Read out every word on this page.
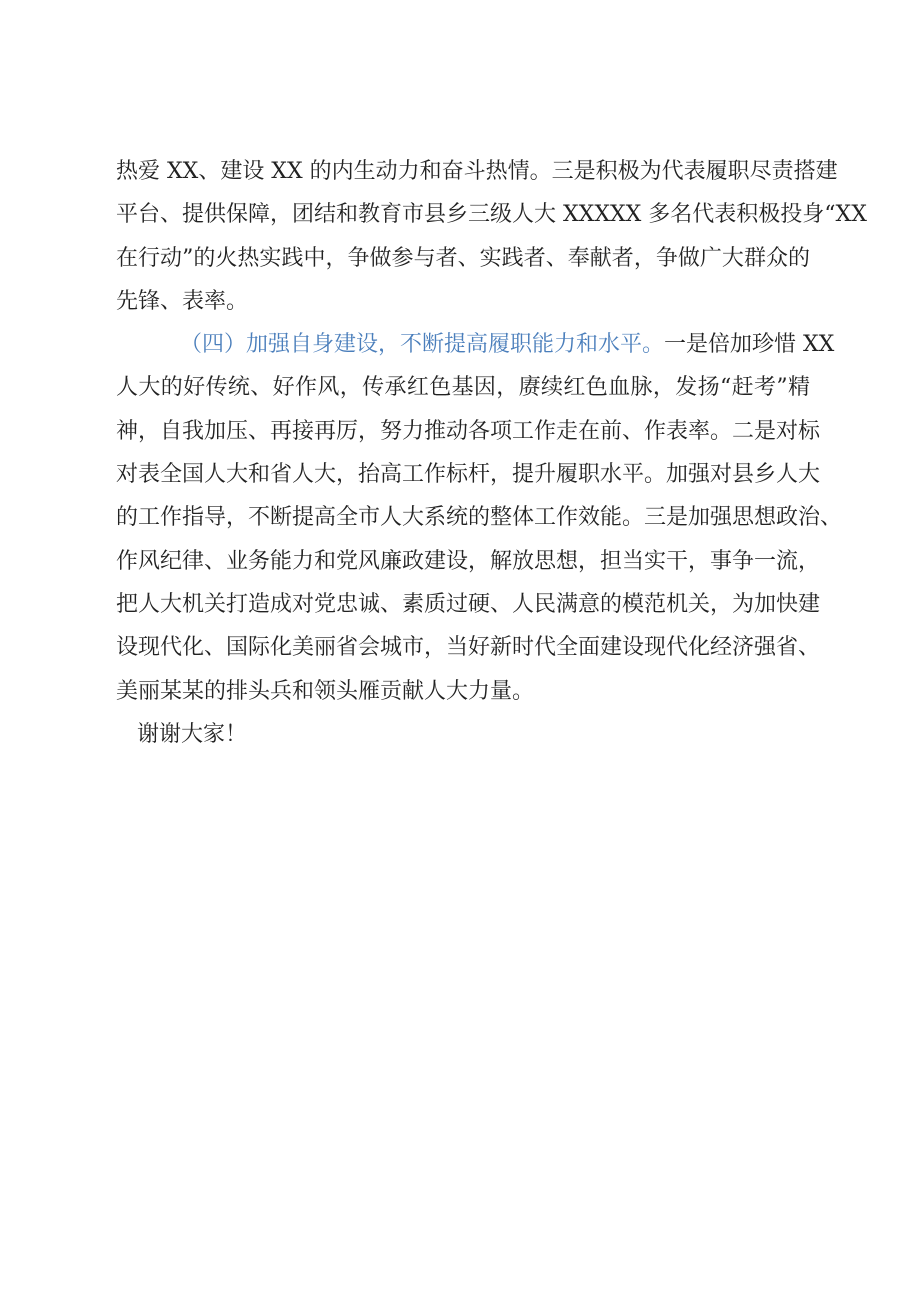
热爱 XX、建设 XX 的内生动力和奋斗热情。三是积极为代表履职尽责搭建
平台、提供保障，团结和教育市县乡三级人大 XXXXX 多名代表积极投身“XX
在行动”的火热实践中，争做参与者、实践者、奉献者，争做广大群众的
先锋、表率。
（四）加强自身建设，不断提高履职能力和水平。一是倍加珍惜 XX
人大的好传统、好作风，传承红色基因，赓续红色血脉，发扬“赶考”精
神，自我加压、再接再厉，努力推动各项工作走在前、作表率。二是对标
对表全国人大和省人大，抬高工作标杆，提升履职水平。加强对县乡人大
的工作指导，不断提高全市人大系统的整体工作效能。三是加强思想政治、
作风纪律、业务能力和党风廉政建设，解放思想，担当实干，事争一流，
把人大机关打造成对党忠诚、素质过硬、人民满意的模范机关，为加快建
设现代化、国际化美丽省会城市，当好新时代全面建设现代化经济强省、
美丽某某的排头兵和领头雁贡献人大力量。
谢谢大家！
